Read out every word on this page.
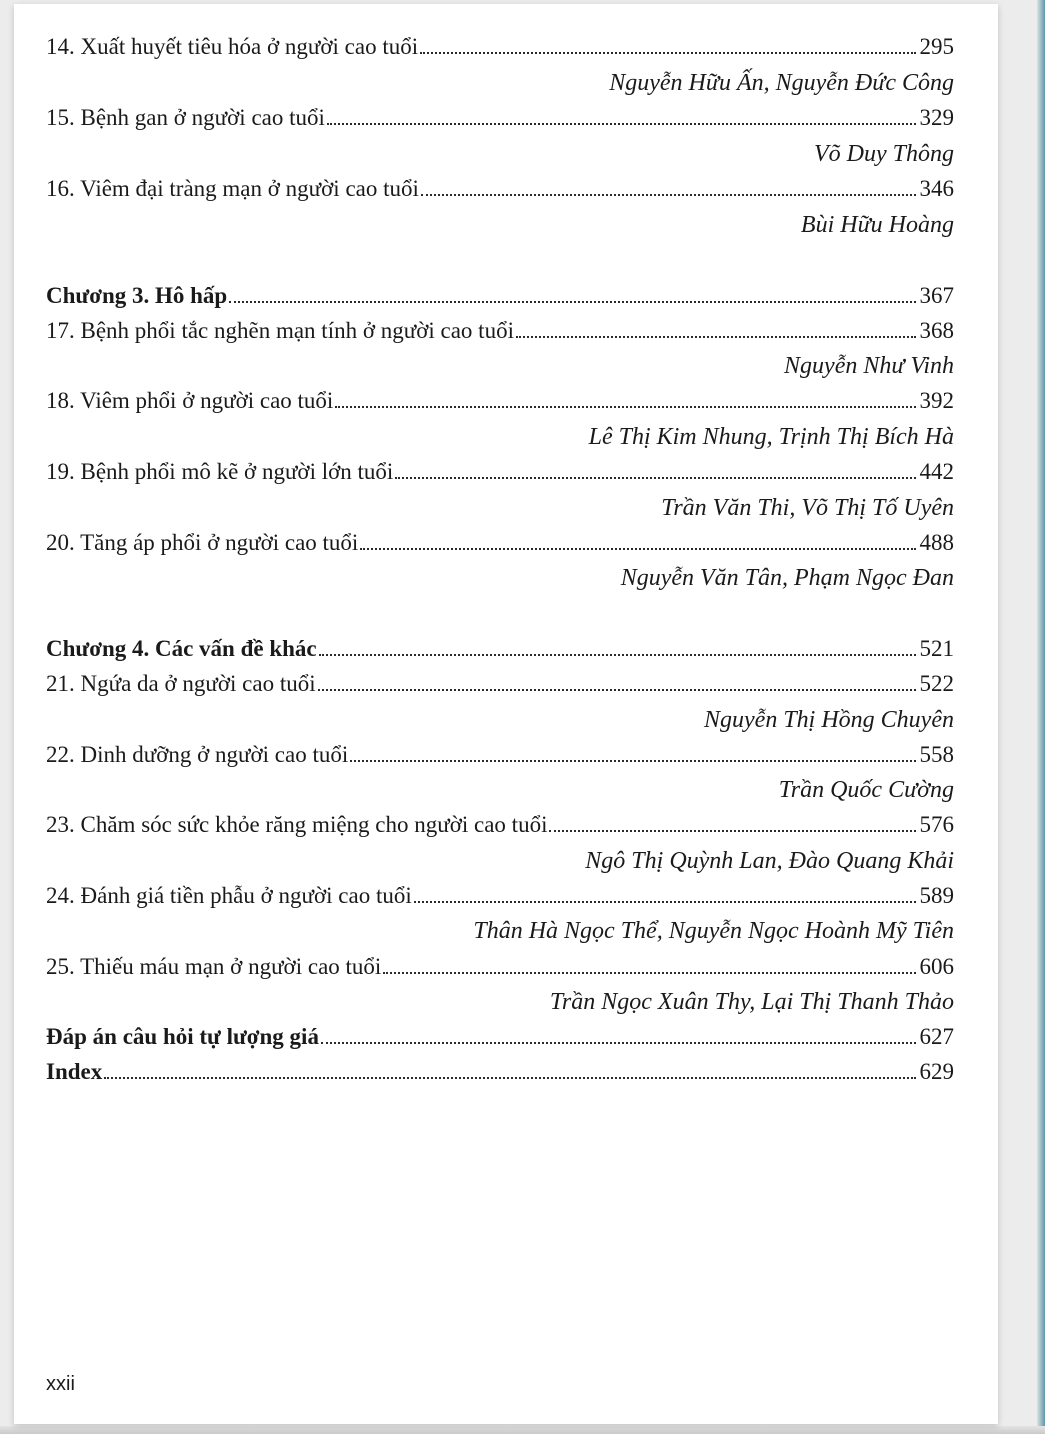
14. Xuất huyết tiêu hóa ở người cao tuổi	295
Nguyễn Hữu Ấn, Nguyễn Đức Công
15. Bệnh gan ở người cao tuổi	329
Võ Duy Thông
16. Viêm đại tràng mạn ở người cao tuổi	346
Bùi Hữu Hoàng
Chương 3. Hô hấp	367
17. Bệnh phổi tắc nghẽn mạn tính ở người cao tuổi	368
Nguyễn Như Vinh
18. Viêm phổi ở người cao tuổi	392
Lê Thị Kim Nhung, Trịnh Thị Bích Hà
19. Bệnh phổi mô kẽ ở người lớn tuổi	442
Trần Văn Thi, Võ Thị Tố Uyên
20. Tăng áp phổi ở người cao tuổi	488
Nguyễn Văn Tân, Phạm Ngọc Đan
Chương 4. Các vấn đề khác	521
21. Ngứa da ở người cao tuổi	522
Nguyễn Thị Hồng Chuyên
22. Dinh dưỡng ở người cao tuổi	558
Trần Quốc Cường
23. Chăm sóc sức khỏe răng miệng cho người cao tuổi	576
Ngô Thị Quỳnh Lan, Đào Quang Khải
24. Đánh giá tiền phẫu ở người cao tuổi	589
Thân Hà Ngọc Thể, Nguyễn Ngọc Hoành Mỹ Tiên
25. Thiếu máu mạn ở người cao tuổi	606
Trần Ngọc Xuân Thy, Lại Thị Thanh Thảo
Đáp án câu hỏi tự lượng giá	627
Index	629
xxii
